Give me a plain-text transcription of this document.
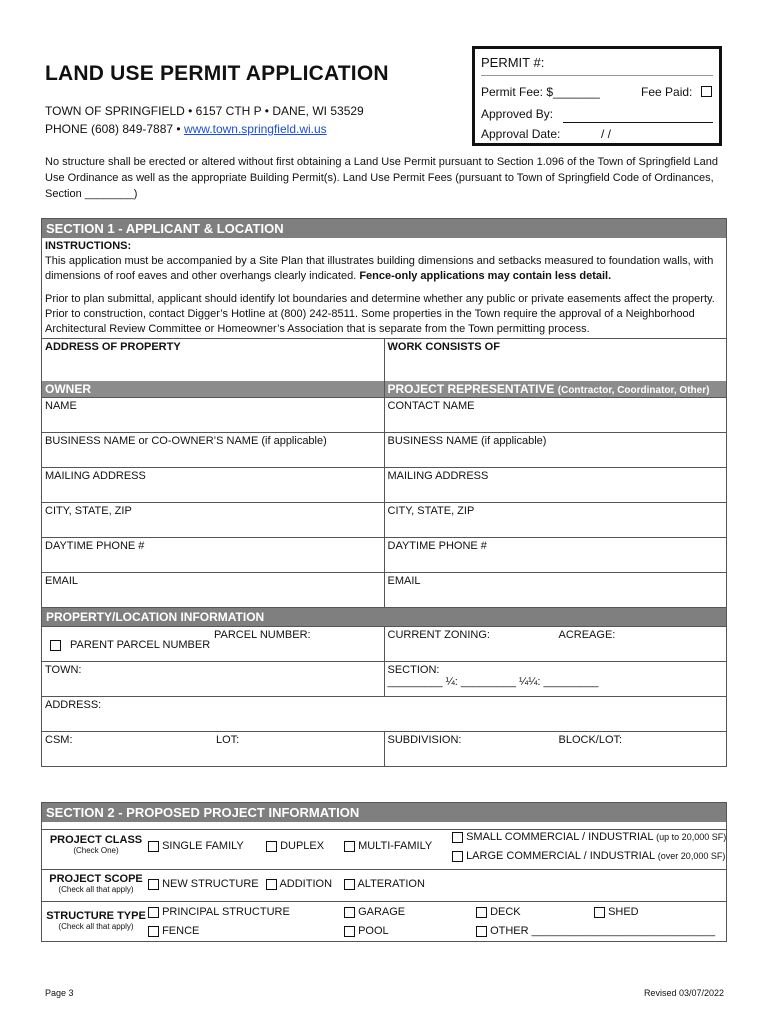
LAND USE PERMIT APPLICATION
TOWN OF SPRINGFIELD • 6157 CTH P • DANE, WI 53529
PHONE (608) 849-7887 • www.town.springfield.wi.us
PERMIT #:
Permit Fee: $_______	Fee Paid:
Approved By:
Approval Date:	/ /
No structure shall be erected or altered without first obtaining a Land Use Permit pursuant to Section 1.096 of the Town of Springfield Land Use Ordinance as well as the appropriate Building Permit(s). Land Use Permit Fees (pursuant to Town of Springfield Code of Ordinances, Section ________)
SECTION 1 - APPLICANT & LOCATION
INSTRUCTIONS:
This application must be accompanied by a Site Plan that illustrates building dimensions and setbacks measured to foundation walls, with dimensions of roof eaves and other overhangs clearly indicated. Fence-only applications may contain less detail.
Prior to plan submittal, applicant should identify lot boundaries and determine whether any public or private easements affect the property. Prior to construction, contact Digger’s Hotline at (800) 242-8511. Some properties in the Town require the approval of a Neighborhood Architectural Review Committee or Homeowner’s Association that is separate from the Town permitting process.
ADDRESS OF PROPERTY	WORK CONSISTS OF
OWNER	PROJECT REPRESENTATIVE (Contractor, Coordinator, Other)
NAME	CONTACT NAME
BUSINESS NAME or CO-OWNER’S NAME (if applicable)	BUSINESS NAME (if applicable)
MAILING ADDRESS	MAILING ADDRESS
CITY, STATE, ZIP	CITY, STATE, ZIP
DAYTIME PHONE #	DAYTIME PHONE #
EMAIL	EMAIL
PROPERTY/LOCATION INFORMATION
PARENT PARCEL NUMBER
PARCEL NUMBER:	CURRENT ZONING:	ACREAGE:
TOWN:	SECTION:
_________ ¼: _________ ¼¼: _________
ADDRESS:
CSM:	LOT:	SUBDIVISION:	BLOCK/LOT:
SECTION 2 - PROPOSED PROJECT INFORMATION
PROJECT CLASS
(Check One)	SINGLE FAMILY	DUPLEX	MULTI-FAMILY
SMALL COMMERCIAL / INDUSTRIAL (up to 20,000 SF)
LARGE COMMERCIAL / INDUSTRIAL (over 20,000 SF)
PROJECT SCOPE
(Check all that apply)	NEW STRUCTURE	ADDITION	ALTERATION
STRUCTURE TYPE
(Check all that apply)
PRINCIPAL STRUCTURE	GARAGE	DECK	SHED
FENCE	POOL	OTHER ______________________________
Page 3	Revised 03/07/2022
